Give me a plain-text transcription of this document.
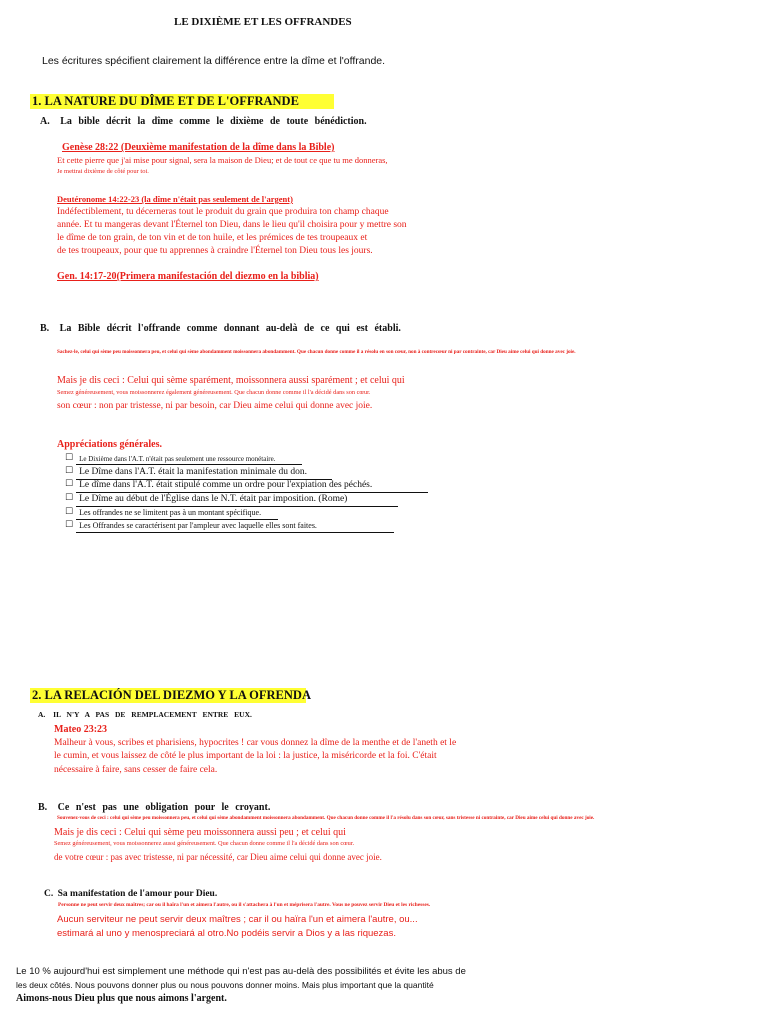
LE DIXIÈME ET LES OFFRANDES
Les écritures spécifient clairement la différence entre la dîme et l'offrande.
1. LA NATURE DU DÎME ET DE L'OFFRANDE
A. La bible décrit la dîme comme le dixième de toute bénédiction.
Genèse 28:22 (Deuxième manifestation de la dîme dans la Bible)
Et cette pierre que j'ai mise pour signal, sera la maison de Dieu; et de tout ce que tu me donneras,
Je mettrai dixième de côté pour toi.
Deutéronome 14:22-23 (la dîme n'était pas seulement de l'argent)
Indéfectiblement, tu décerneras tout le produit du grain que produira ton champ chaque
année. Et tu mangeras devant l'Éternel ton Dieu, dans le lieu qu'il choisira pour y mettre son
le dîme de ton grain, de ton vin et de ton huile, et les prémices de tes troupeaux et
de tes troupeaux, pour que tu apprennes à craindre l'Éternel ton Dieu tous les jours.
Gen. 14:17-20(Primera manifestación del diezmo en la biblia)
B. La Bible décrit l'offrande comme donnant au-delà de ce qui est établi.
Sachez-le, celui qui sème peu moissonnera peu, et celui qui sème abondamment moissonnera abondamment. Que chacun donne comme il a résolu en son cœur, non à contrecœur ni par contrainte, car Dieu aime celui qui donne avec joie.
Mais je dis ceci : Celui qui sème sparément, moissonnera aussi sparément ; et celui qui
Semez généreusement, vous moissonnerez également généreusement. Que chacun donne comme il l'a décidé dans son cœur.
son cœur : non par tristesse, ni par besoin, car Dieu aime celui qui donne avec joie.
Appréciations générales.
☐ Le Dixième dans l'A.T. n'était pas seulement une ressource monétaire.
☐ Le Dîme dans l'A.T. était la manifestation minimale du don.
☐ Le dîme dans l'A.T. était stipulé comme un ordre pour l'expiation des péchés.
☐ Le Dîme au début de l'Église dans le N.T. était par imposition. (Rome)
☐ Les offrandes ne se limitent pas à un montant spécifique.
☐ Les Offrandes se caractérisent par l'ampleur avec laquelle elles sont faites.
2. LA RELACIÓN DEL DIEZMO Y LA OFRENDA
A. IL N'Y A PAS DE REMPLACEMENT ENTRE EUX.
Mateo 23:23
Malheur à vous, scribes et pharisiens, hypocrites ! car vous donnez la dîme de la menthe et de l'aneth et le
le cumin, et vous laissez de côté le plus important de la loi : la justice, la miséricorde et la foi. C'était
nécessaire à faire, sans cesser de faire cela.
B. Ce n'est pas une obligation pour le croyant.
Souvenez-vous de ceci : celui qui sème peu moissonnera peu, et celui qui sème abondamment moissonnera abondamment. Que chacun donne comme il l'a résolu dans son cœur, sans tristesse ni contrainte, car Dieu aime celui qui donne avec joie.
Mais je dis ceci : Celui qui sème peu moissonnera aussi peu ; et celui qui
Semez généreusement, vous moissonnerez aussi généreusement. Que chacun donne comme il l'a décidé dans son cœur.
de votre cœur : pas avec tristesse, ni par nécessité, car Dieu aime celui qui donne avec joie.
C. Sa manifestation de l'amour pour Dieu.
Personne ne peut servir deux maîtres; car ou il haïra l'un et aimera l'autre, ou il s'attachera à l'un et méprisera l'autre. Vous ne pouvez servir Dieu et les richesses.
Aucun serviteur ne peut servir deux maîtres ; car il ou haïra l'un et aimera l'autre, ou...
estimará al uno y menospreciará al otro.No podéis servir a Dios y a las riquezas.
Le 10 % aujourd'hui est simplement une méthode qui n'est pas au-delà des possibilités et évite les abus de
les deux côtés. Nous pouvons donner plus ou nous pouvons donner moins. Mais plus important que la quantité
Aimons-nous Dieu plus que nous aimons l'argent.
